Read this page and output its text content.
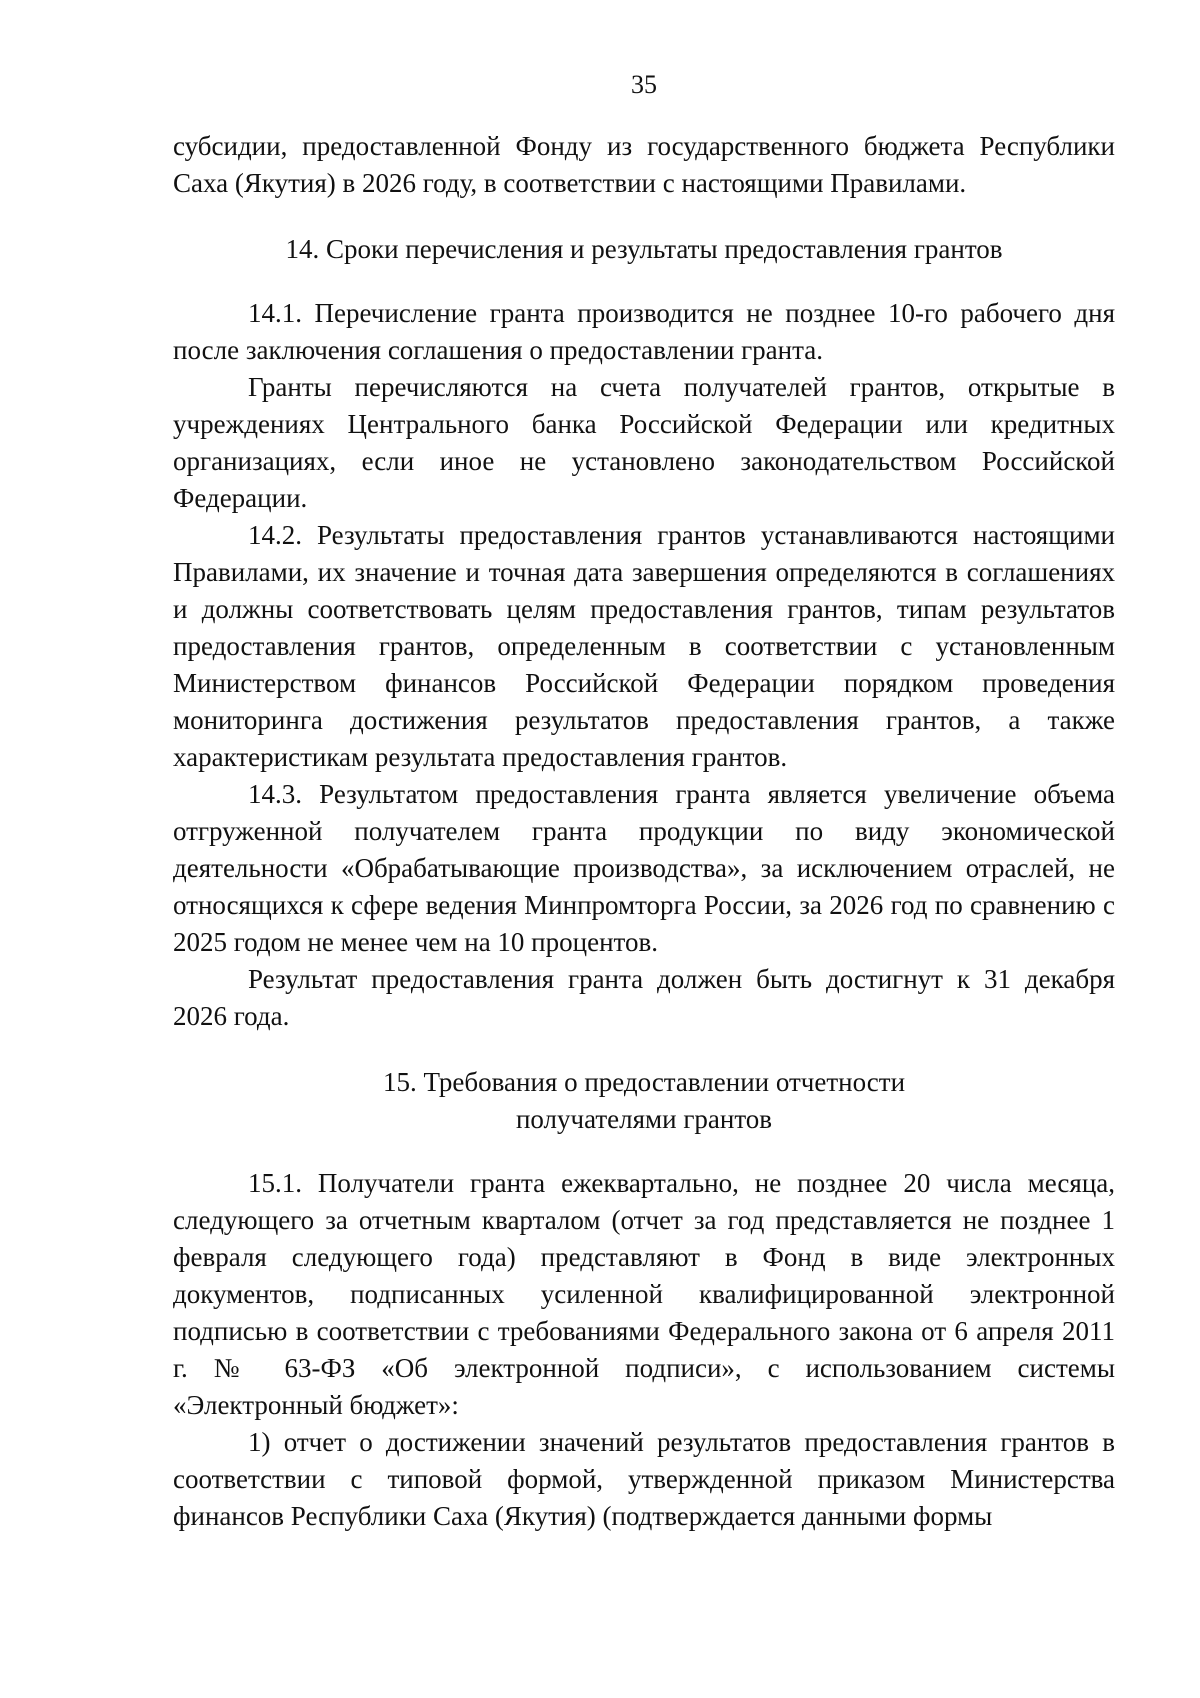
35

субсидии, предоставленной Фонду из государственного бюджета Республики Саха (Якутия) в 2026 году, в соответствии с настоящими Правилами.

14. Сроки перечисления и результаты предоставления грантов

14.1. Перечисление гранта производится не позднее 10-го рабочего дня после заключения соглашения о предоставлении гранта.

Гранты перечисляются на счета получателей грантов, открытые в учреждениях Центрального банка Российской Федерации или кредитных организациях, если иное не установлено законодательством Российской Федерации.

14.2. Результаты предоставления грантов устанавливаются настоящими Правилами, их значение и точная дата завершения определяются в соглашениях и должны соответствовать целям предоставления грантов, типам результатов предоставления грантов, определенным в соответствии с установленным Министерством финансов Российской Федерации порядком проведения мониторинга достижения результатов предоставления грантов, а также характеристикам результата предоставления грантов.

14.3. Результатом предоставления гранта является увеличение объема отгруженной получателем гранта продукции по виду экономической деятельности «Обрабатывающие производства», за исключением отраслей, не относящихся к сфере ведения Минпромторга России, за 2026 год по сравнению с 2025 годом не менее чем на 10 процентов.

Результат предоставления гранта должен быть достигнут к 31 декабря 2026 года.

15. Требования о предоставлении отчетности

получателями грантов

15.1. Получатели гранта ежеквартально, не позднее 20 числа месяца, следующего за отчетным кварталом (отчет за год представляется не позднее 1 февраля следующего года) представляют в Фонд в виде электронных документов, подписанных усиленной квалифицированной электронной подписью в соответствии с требованиями Федерального закона от 6 апреля 2011 г. № 63-ФЗ «Об электронной подписи», с использованием системы «Электронный бюджет»:

1) отчет о достижении значений результатов предоставления грантов в соответствии с типовой формой, утвержденной приказом Министерства финансов Республики Саха (Якутия) (подтверждается данными формы
